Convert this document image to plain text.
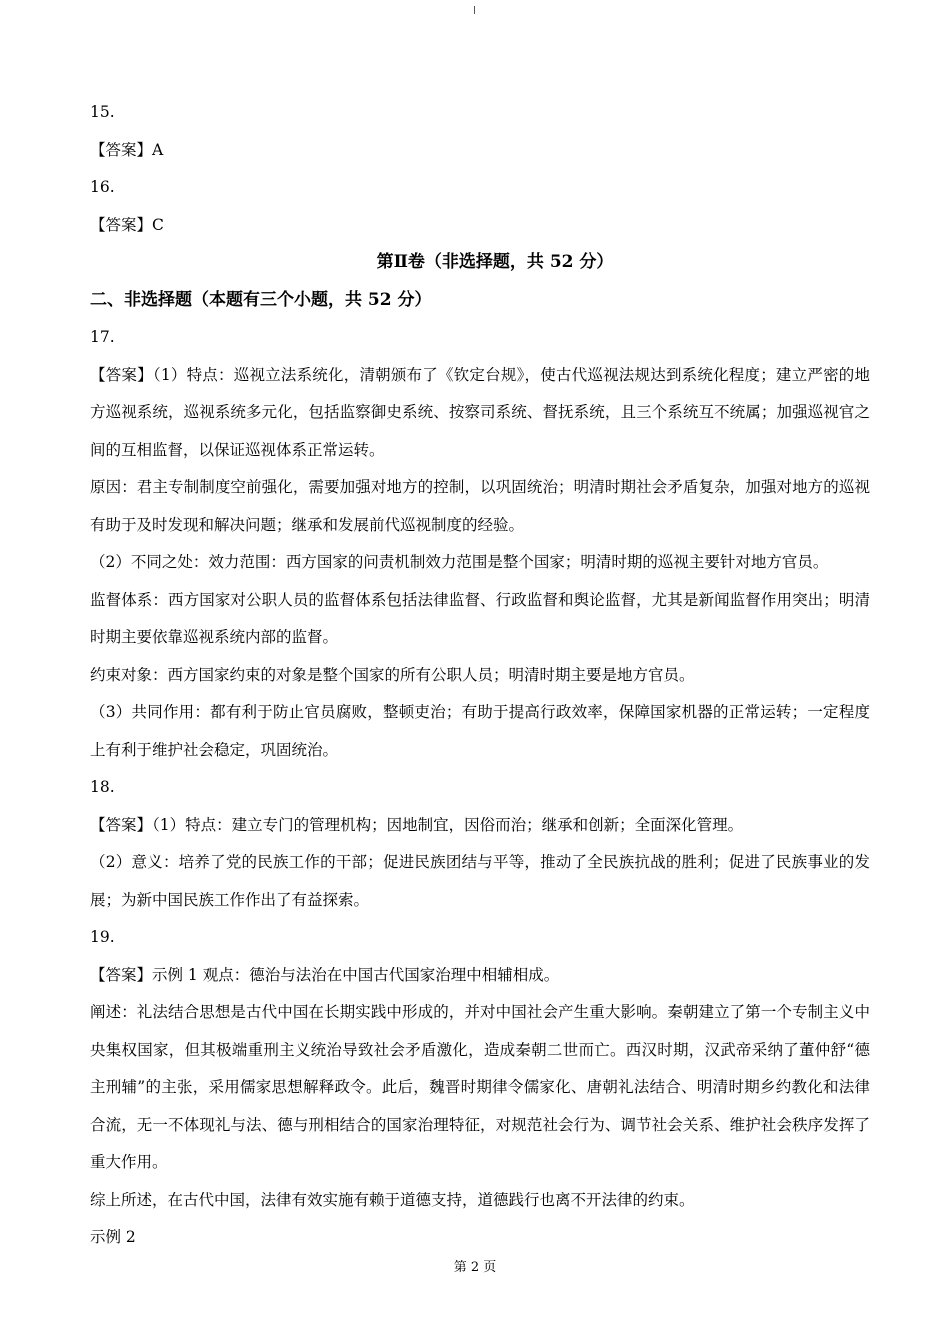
15.
【答案】A
16.
【答案】C
第Ⅱ卷（非选择题，共 52 分）
二、非选择题（本题有三个小题，共 52 分）
17.
【答案】（1）特点：巡视立法系统化，清朝颁布了《钦定台规》，使古代巡视法规达到系统化程度；建立严密的地方巡视系统，巡视系统多元化，包括监察御史系统、按察司系统、督抚系统，且三个系统互不统属；加强巡视官之间的互相监督，以保证巡视体系正常运转。
原因：君主专制制度空前强化，需要加强对地方的控制，以巩固统治；明清时期社会矛盾复杂，加强对地方的巡视有助于及时发现和解决问题；继承和发展前代巡视制度的经验。
（2）不同之处：效力范围：西方国家的问责机制效力范围是整个国家；明清时期的巡视主要针对地方官员。
监督体系：西方国家对公职人员的监督体系包括法律监督、行政监督和舆论监督，尤其是新闻监督作用突出；明清时期主要依靠巡视系统内部的监督。
约束对象：西方国家约束的对象是整个国家的所有公职人员；明清时期主要是地方官员。
（3）共同作用：都有利于防止官员腐败，整顿吏治；有助于提高行政效率，保障国家机器的正常运转；一定程度上有利于维护社会稳定，巩固统治。
18.
【答案】（1）特点：建立专门的管理机构；因地制宜，因俗而治；继承和创新；全面深化管理。
（2）意义：培养了党的民族工作的干部；促进民族团结与平等，推动了全民族抗战的胜利；促进了民族事业的发展；为新中国民族工作作出了有益探索。
19.
【答案】示例 1 观点：德治与法治在中国古代国家治理中相辅相成。
阐述：礼法结合思想是古代中国在长期实践中形成的，并对中国社会产生重大影响。秦朝建立了第一个专制主义中央集权国家，但其极端重刑主义统治导致社会矛盾激化，造成秦朝二世而亡。西汉时期，汉武帝采纳了董仲舒“德主刑辅”的主张，采用儒家思想解释政令。此后，魏晋时期律令儒家化、唐朝礼法结合、明清时期乡约教化和法律合流，无一不体现礼与法、德与刑相结合的国家治理特征，对规范社会行为、调节社会关系、维护社会秩序发挥了重大作用。
综上所述，在古代中国，法律有效实施有赖于道德支持，道德践行也离不开法律的约束。
示例 2
第 2 页
